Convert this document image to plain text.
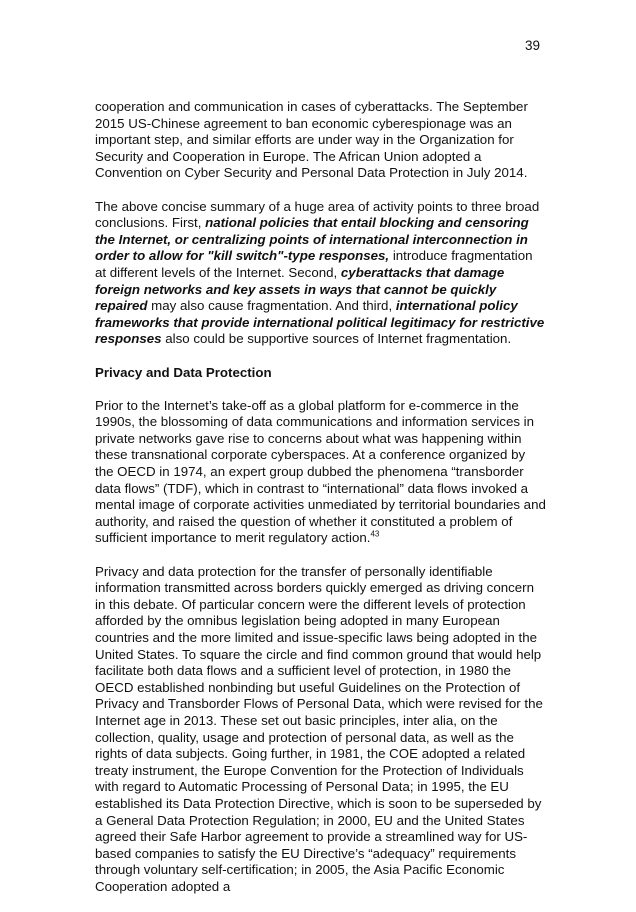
39

cooperation and communication in cases of cyberattacks. The September 2015 US-Chinese agreement to ban economic cyberespionage was an important step, and similar efforts are under way in the Organization for Security and Cooperation in Europe. The African Union adopted a Convention on Cyber Security and Personal Data Protection in July 2014.

The above concise summary of a huge area of activity points to three broad conclusions. First, national policies that entail blocking and censoring the Internet, or centralizing points of international interconnection in order to allow for "kill switch"-type responses, introduce fragmentation at different levels of the Internet. Second, cyberattacks that damage foreign networks and key assets in ways that cannot be quickly repaired may also cause fragmentation. And third, international policy frameworks that provide international political legitimacy for restrictive responses also could be supportive sources of Internet fragmentation.

Privacy and Data Protection

Prior to the Internet’s take-off as a global platform for e-commerce in the 1990s, the blossoming of data communications and information services in private networks gave rise to concerns about what was happening within these transnational corporate cyberspaces. At a conference organized by the OECD in 1974, an expert group dubbed the phenomena “transborder data flows” (TDF), which in contrast to “international” data flows invoked a mental image of corporate activities unmediated by territorial boundaries and authority, and raised the question of whether it constituted a problem of sufficient importance to merit regulatory action.$^{43}$

Privacy and data protection for the transfer of personally identifiable information transmitted across borders quickly emerged as driving concern in this debate. Of particular concern were the different levels of protection afforded by the omnibus legislation being adopted in many European countries and the more limited and issue-specific laws being adopted in the United States. To square the circle and find common ground that would help facilitate both data flows and a sufficient level of protection, in 1980 the OECD established nonbinding but useful Guidelines on the Protection of Privacy and Transborder Flows of Personal Data, which were revised for the Internet age in 2013. These set out basic principles, inter alia, on the collection, quality, usage and protection of personal data, as well as the rights of data subjects. Going further, in 1981, the COE adopted a related treaty instrument, the Europe Convention for the Protection of Individuals with regard to Automatic Processing of Personal Data; in 1995, the EU established its Data Protection Directive, which is soon to be superseded by a General Data Protection Regulation; in 2000, EU and the United States agreed their Safe Harbor agreement to provide a streamlined way for US-based companies to satisfy the EU Directive’s “adequacy” requirements through voluntary self-certification; in 2005, the Asia Pacific Economic Cooperation adopted a
